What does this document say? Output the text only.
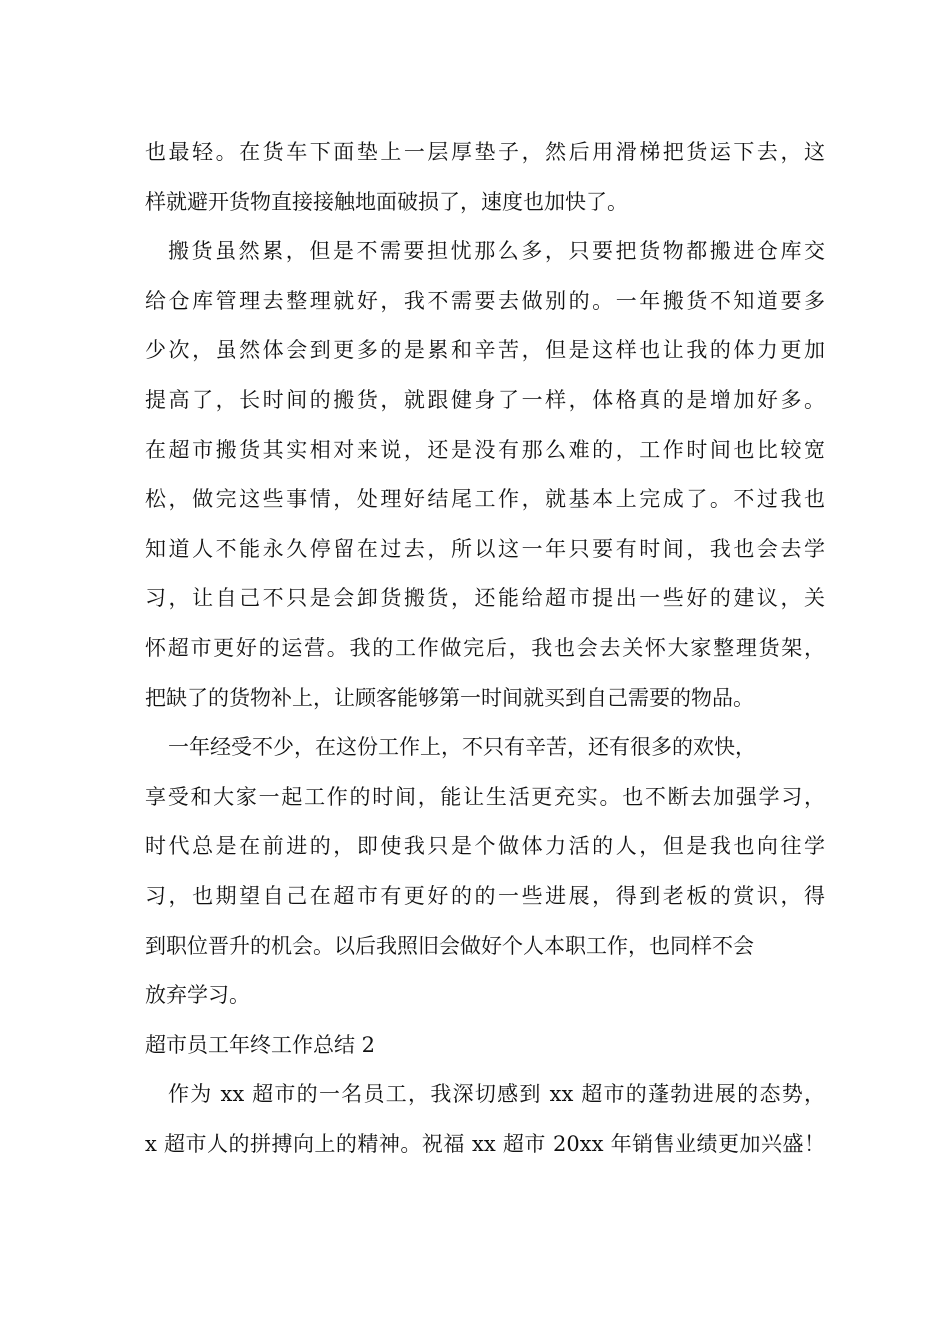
也最轻。在货车下面垫上一层厚垫子，然后用滑梯把货运下去，这

样就避开货物直接接触地面破损了，速度也加快了。

搬货虽然累，但是不需要担忧那么多，只要把货物都搬进仓库交

给仓库管理去整理就好，我不需要去做别的。一年搬货不知道要多

少次，虽然体会到更多的是累和辛苦，但是这样也让我的体力更加

提高了，长时间的搬货，就跟健身了一样，体格真的是增加好多。

在超市搬货其实相对来说，还是没有那么难的，工作时间也比较宽

松，做完这些事情，处理好结尾工作，就基本上完成了。不过我也

知道人不能永久停留在过去，所以这一年只要有时间，我也会去学

习，让自己不只是会卸货搬货，还能给超市提出一些好的建议，关

怀超市更好的运营。我的工作做完后，我也会去关怀大家整理货架，

把缺了的货物补上，让顾客能够第一时间就买到自己需要的物品。

一年经受不少，在这份工作上，不只有辛苦，还有很多的欢快，

享受和大家一起工作的时间，能让生活更充实。也不断去加强学习，

时代总是在前进的，即使我只是个做体力活的人，但是我也向往学

习，也期望自己在超市有更好的的一些进展，得到老板的赏识，得

到职位晋升的机会。以后我照旧会做好个人本职工作，也同样不会

放弃学习。

超市员工年终工作总结 2

作为 xx 超市的一名员工，我深切感到 xx 超市的蓬勃进展的态势，

x 超市人的拼搏向上的精神。祝福 xx 超市 20xx 年销售业绩更加兴盛！
